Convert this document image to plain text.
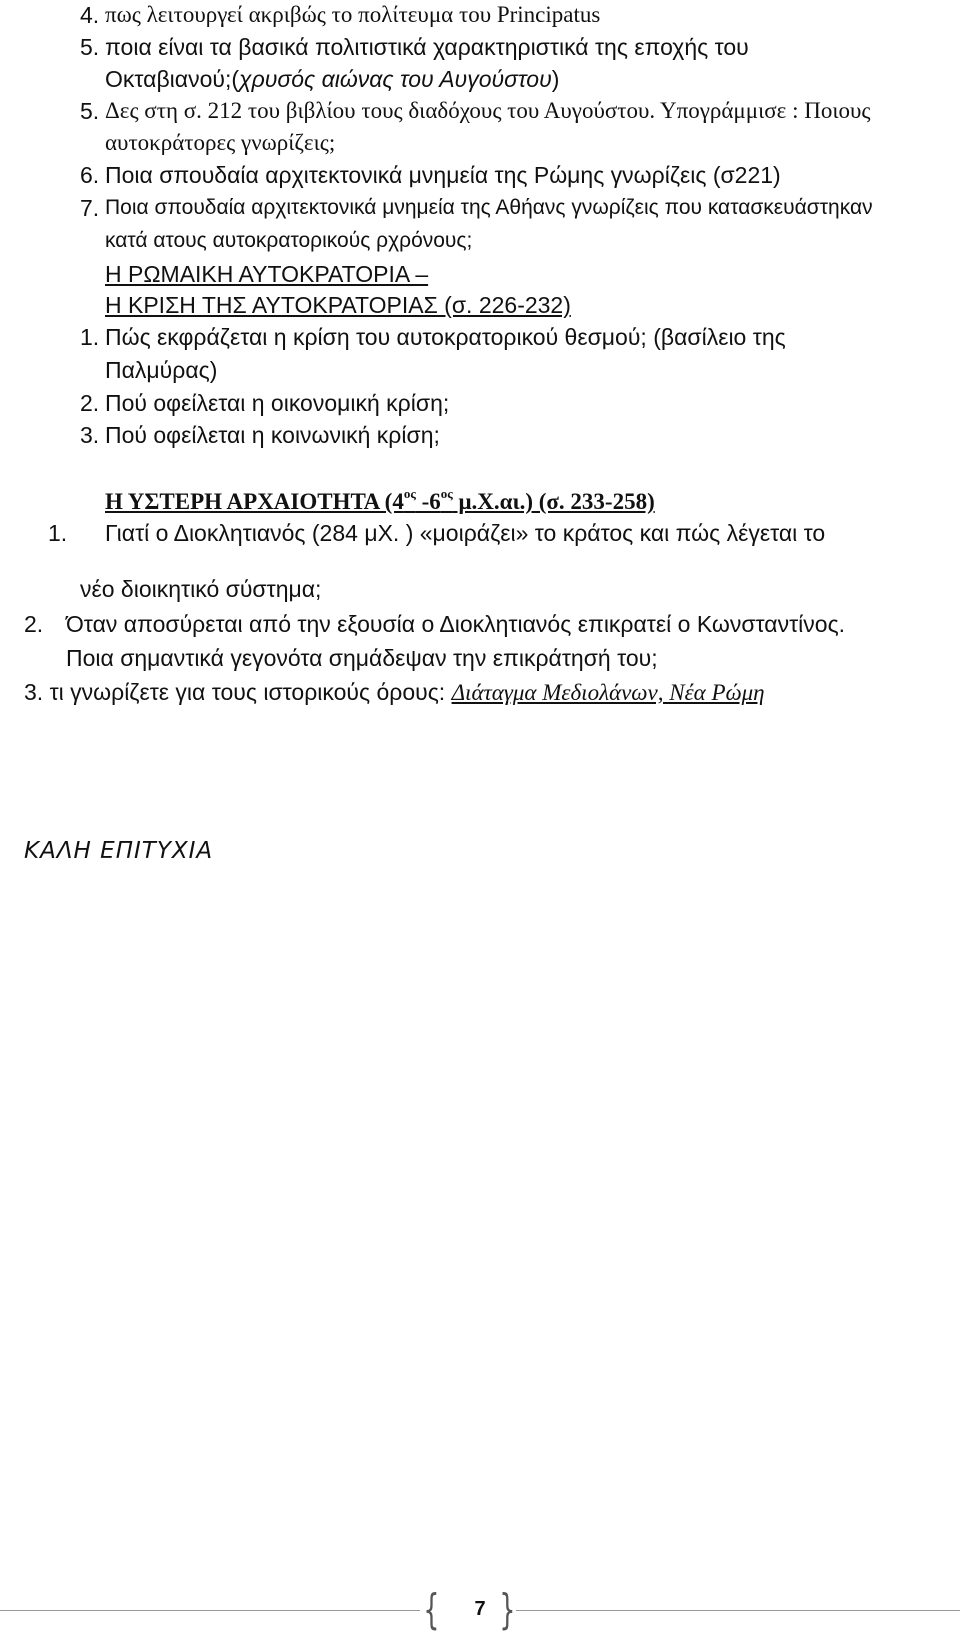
4. πως λειτουργεί ακριβώς το πολίτευμα του Principatus
5. ποια είναι τα βασικά πολιτιστικά χαρακτηριστικά της εποχής του
Οκταβιανού;(χρυσός αιώνας του Αυγούστου)
5. Δες στη σ. 212 του βιβλίου τους διαδόχους του Αυγούστου. Υπογράμμισε : Ποιους
αυτοκράτορες γνωρίζεις;
6. Ποια σπουδαία αρχιτεκτονικά μνημεία της Ρώμης γνωρίζεις (σ221)
7. Ποια σπουδαία αρχιτεκτονικά μνημεία της Αθήανς γνωρίζεις που κατασκευάστηκαν
κατά ατους αυτοκρατορικούς ρχρόνους;
Η ΡΩΜΑΙΚΗ ΑΥΤΟΚΡΑΤΟΡΙΑ –
Η ΚΡΙΣΗ ΤΗΣ ΑΥΤΟΚΡΑΤΟΡΙΑΣ (σ. 226-232)
1. Πώς εκφράζεται η κρίση του αυτοκρατορικού θεσμού; (βασίλειο της
Παλμύρας)
2. Πού οφείλεται η οικονομική κρίση;
3. Πού οφείλεται η κοινωνική κρίση;
Η ΥΣΤΕΡΗ ΑΡΧΑΙΟΤΗΤΑ ($4^{o\varsigma}$ $-6^{o\varsigma}$ μ.Χ.αι.) (σ. 233-258)
1. Γιατί ο Διοκλητιανός (284 μΧ. ) «μοιράζει» το κράτος και πώς λέγεται το
νέο διοικητικό σύστημα;
2. Όταν αποσύρεται από την εξουσία ο Διοκλητιανός επικρατεί ο Κωνσταντίνος.
Ποια σημαντικά γεγονότα σημάδεψαν την επικράτησή του;
3. τι γνωρίζετε για τους ιστορικούς όρους: Διάταγμα Μεδιολάνων, Νέα Ρώμη
ΚΑΛΗ ΕΠΙΤΥΧΙΑ
{ 7 }
